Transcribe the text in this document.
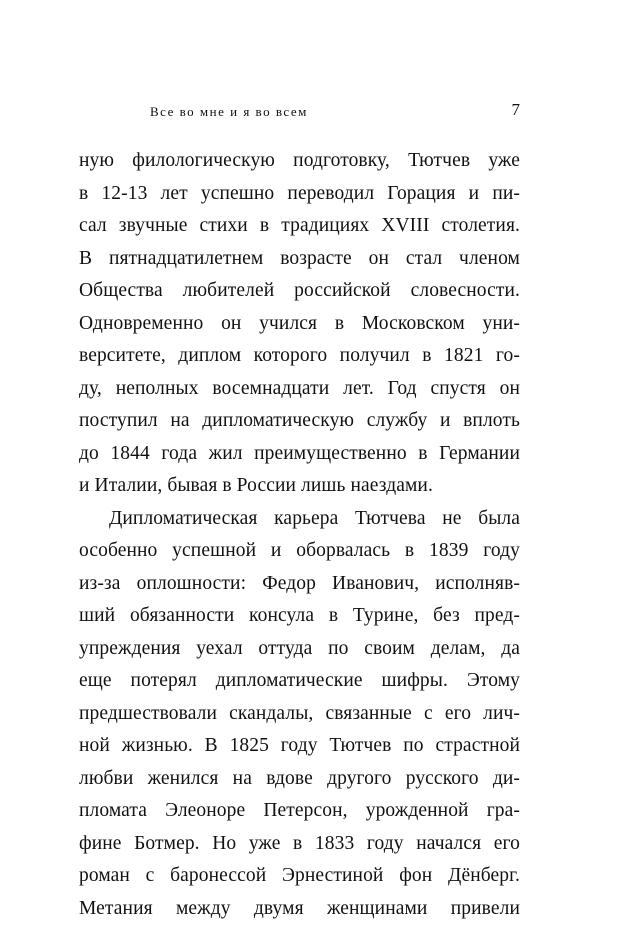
Все во мне и я во всем	7
ную филологическую подготовку, Тютчев уже
в 12-13 лет успешно переводил Горация и пи-
сал звучные стихи в традициях XVIII столетия.
В пятнадцатилетнем возрасте он стал членом
Общества любителей российской словесности.
Одновременно он учился в Московском уни-
верситете, диплом которого получил в 1821 го-
ду, неполных восемнадцати лет. Год спустя он
поступил на дипломатическую службу и вплоть
до 1844 года жил преимущественно в Германии
и Италии, бывая в России лишь наездами.
Дипломатическая карьера Тютчева не была
особенно успешной и оборвалась в 1839 году
из-за оплошности: Федор Иванович, исполняв-
ший обязанности консула в Турине, без пред-
упреждения уехал оттуда по своим делам, да
еще потерял дипломатические шифры. Этому
предшествовали скандалы, связанные с его лич-
ной жизнью. В 1825 году Тютчев по страстной
любви женился на вдове другого русского ди-
пломата Элеоноре Петерсон, урожденной гра-
фине Ботмер. Но уже в 1833 году начался его
роман с баронессой Эрнестиной фон Дёнберг.
Метания между двумя женщинами привели
